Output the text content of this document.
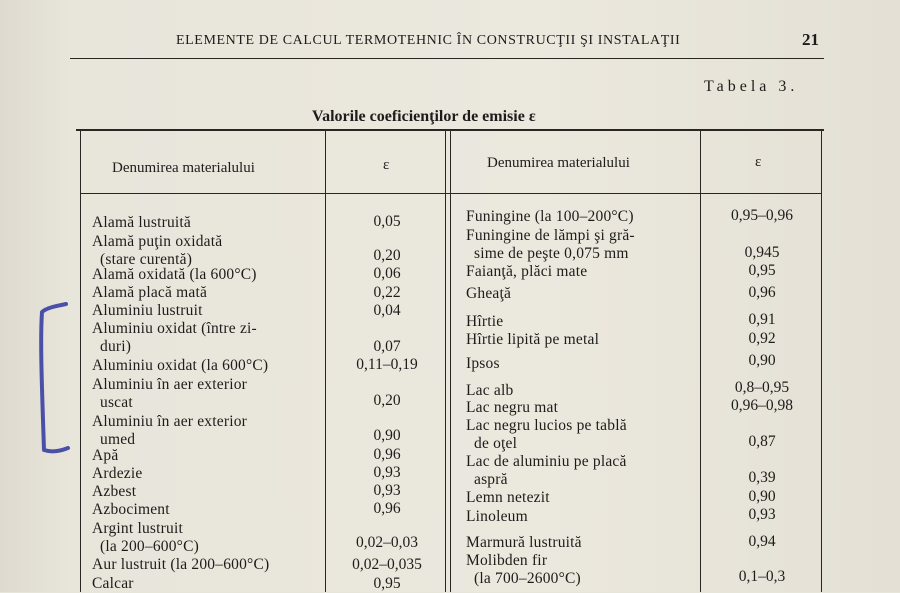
ELEMENTE DE CALCUL TERMOTEHNIC ÎN CONSTRUCŢII ŞI INSTALAŢII	21
Tabela 3.
Valorile coeficienţilor de emisie ε
Denumirea materialului	ε	Denumirea materialului	ε
Alamă lustruită	0,05
Alamă puţin oxidată
(stare curentă)	0,20
Alamă oxidată (la 600°C)	0,06
Alamă placă mată	0,22
Aluminiu lustruit	0,04
Aluminiu oxidat (între zi-
duri)	0,07
Aluminiu oxidat (la 600°C)	0,11–0,19
Aluminiu în aer exterior
uscat	0,20
Aluminiu în aer exterior
umed	0,90
Apă	0,96
Ardezie	0,93
Azbest	0,93
Azbociment	0,96
Argint lustruit
(la 200–600°C)	0,02–0,03
Aur lustruit (la 200–600°C)	0,02–0,035
Calcar	0,95
Funingine (la 100–200°C)	0,95–0,96
Funingine de lămpi şi gră-
sime de peşte 0,075 mm	0,945
Faianţă, plăci mate	0,95
Gheaţă	0,96
Hîrtie	0,91
Hîrtie lipită pe metal	0,92
Ipsos	0,90
Lac alb	0,8–0,95
Lac negru mat	0,96–0,98
Lac negru lucios pe tablă
de oţel	0,87
Lac de aluminiu pe placă
aspră	0,39
Lemn netezit	0,90
Linoleum	0,93
Marmură lustruită	0,94
Molibden fir
(la 700–2600°C)	0,1–0,3
